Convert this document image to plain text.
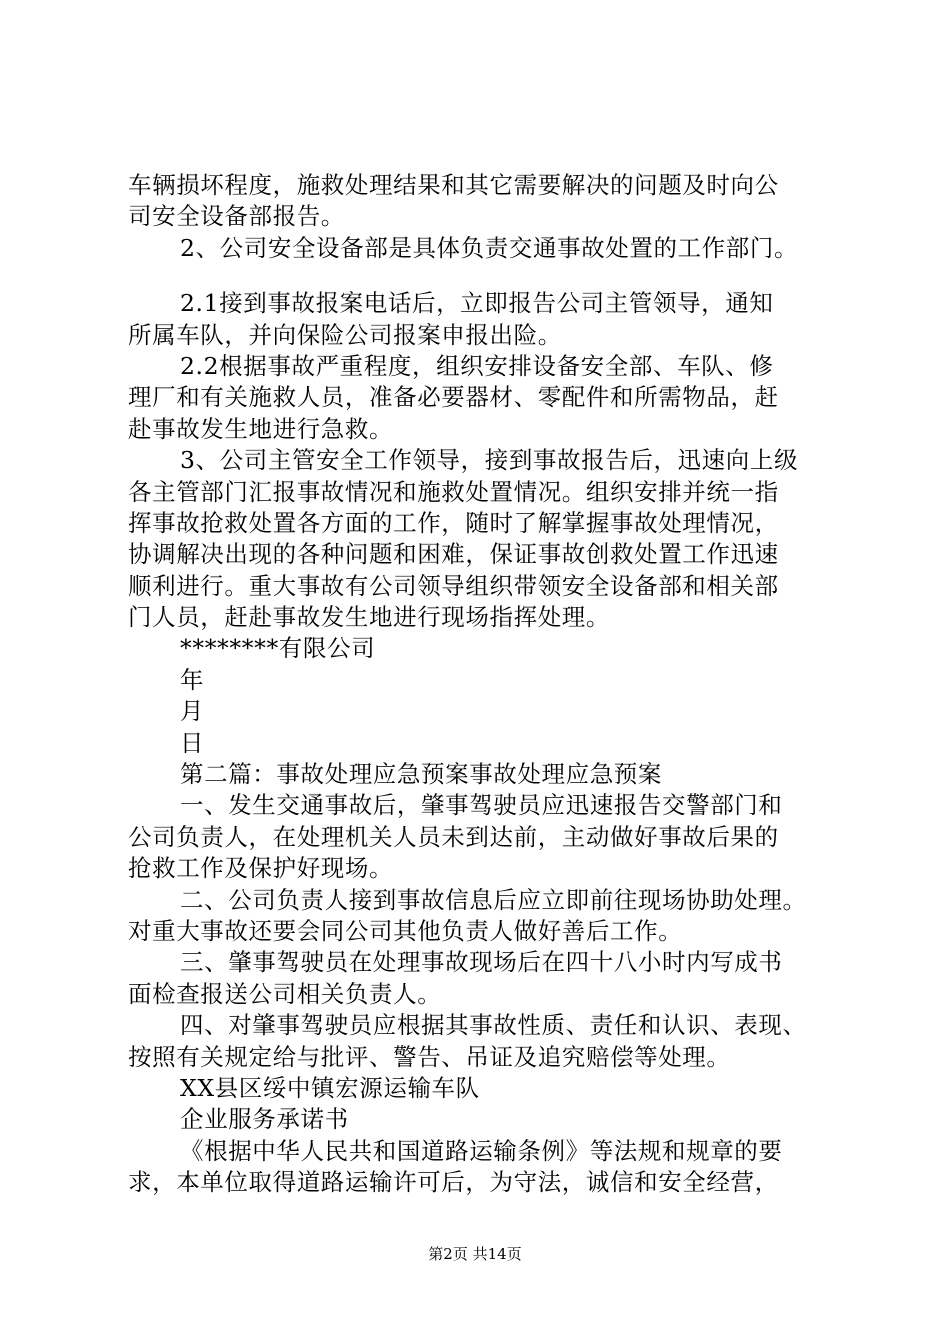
车辆损坏程度，施救处理结果和其它需要解决的问题及时向公
司安全设备部报告。
2、公司安全设备部是具体负责交通事故处置的工作部门。
2.1接到事故报案电话后，立即报告公司主管领导，通知
所属车队，并向保险公司报案申报出险。
2.2根据事故严重程度，组织安排设备安全部、车队、修
理厂和有关施救人员，准备必要器材、零配件和所需物品，赶
赴事故发生地进行急救。
3、公司主管安全工作领导，接到事故报告后，迅速向上级
各主管部门汇报事故情况和施救处置情况。组织安排并统一指
挥事故抢救处置各方面的工作，随时了解掌握事故处理情况，
协调解决出现的各种问题和困难，保证事故创救处置工作迅速
顺利进行。重大事故有公司领导组织带领安全设备部和相关部
门人员，赶赴事故发生地进行现场指挥处理。
********有限公司
年
月
日
第二篇：事故处理应急预案事故处理应急预案
一、发生交通事故后，肇事驾驶员应迅速报告交警部门和
公司负责人，在处理机关人员未到达前，主动做好事故后果的
抢救工作及保护好现场。
二、公司负责人接到事故信息后应立即前往现场协助处理。
对重大事故还要会同公司其他负责人做好善后工作。
三、肇事驾驶员在处理事故现场后在四十八小时内写成书
面检查报送公司相关负责人。
四、对肇事驾驶员应根据其事故性质、责任和认识、表现、
按照有关规定给与批评、警告、吊证及追究赔偿等处理。
XX县区绥中镇宏源运输车队
企业服务承诺书
《根据中华人民共和国道路运输条例》等法规和规章的要
求，本单位取得道路运输许可后，为守法，诚信和安全经营，
第2页 共14页
